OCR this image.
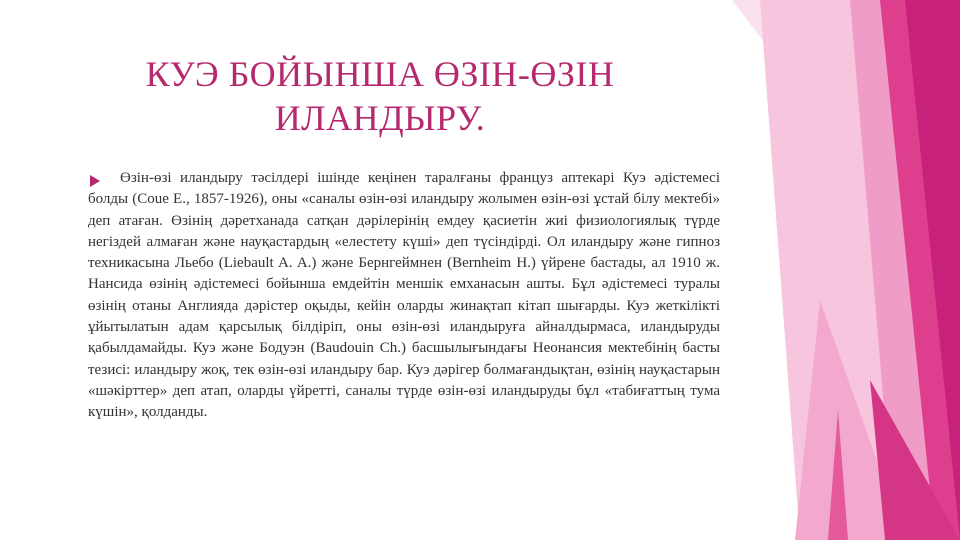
КУЭ БОЙЫНША ӨЗІН-ӨЗІН
ИЛАНДЫРУ.

Өзін-өзі иландыру тәсілдері ішінде кеңінен таралғаны француз аптекарі Куэ әдістемесі болды (Coue E., 1857-1926), оны «саналы өзін-өзі иландыру жолымен өзін-өзі ұстай білу мектебі» деп атаған. Өзінің дәретханада сатқан дәрілерінің емдеу қасиетін жиі физиологиялық түрде негіздей алмаған және науқастардың «елестету күші» деп түсіндірді. Ол иландыру және гипноз техникасына Льебо (Liebault A. A.) және Бернгеймнен (Bernheim H.) үйрене бастады, ал 1910 ж. Нансида өзінің әдістемесі бойынша емдейтін меншік емханасын ашты. Бұл әдістемесі туралы өзінің отаны Англияда дәрістер оқыды, кейін оларды жинақтап кітап шығарды. Куэ жеткілікті ұйытылатын адам қарсылық білдіріп, оны өзін-өзі иландыруға айналдырмаса, иландыруды қабылдамайды. Куэ және Бодуэн (Baudouin Ch.) басшылығындағы Неонансия мектебінің басты тезисі: иландыру жоқ, тек өзін-өзі иландыру бар. Куэ дәрігер болмағандықтан, өзінің науқастарын «шәкірттер» деп атап, оларды үйретті, саналы түрде өзін-өзі иландыруды бұл «табиғаттың тума күшін», қолданды.
